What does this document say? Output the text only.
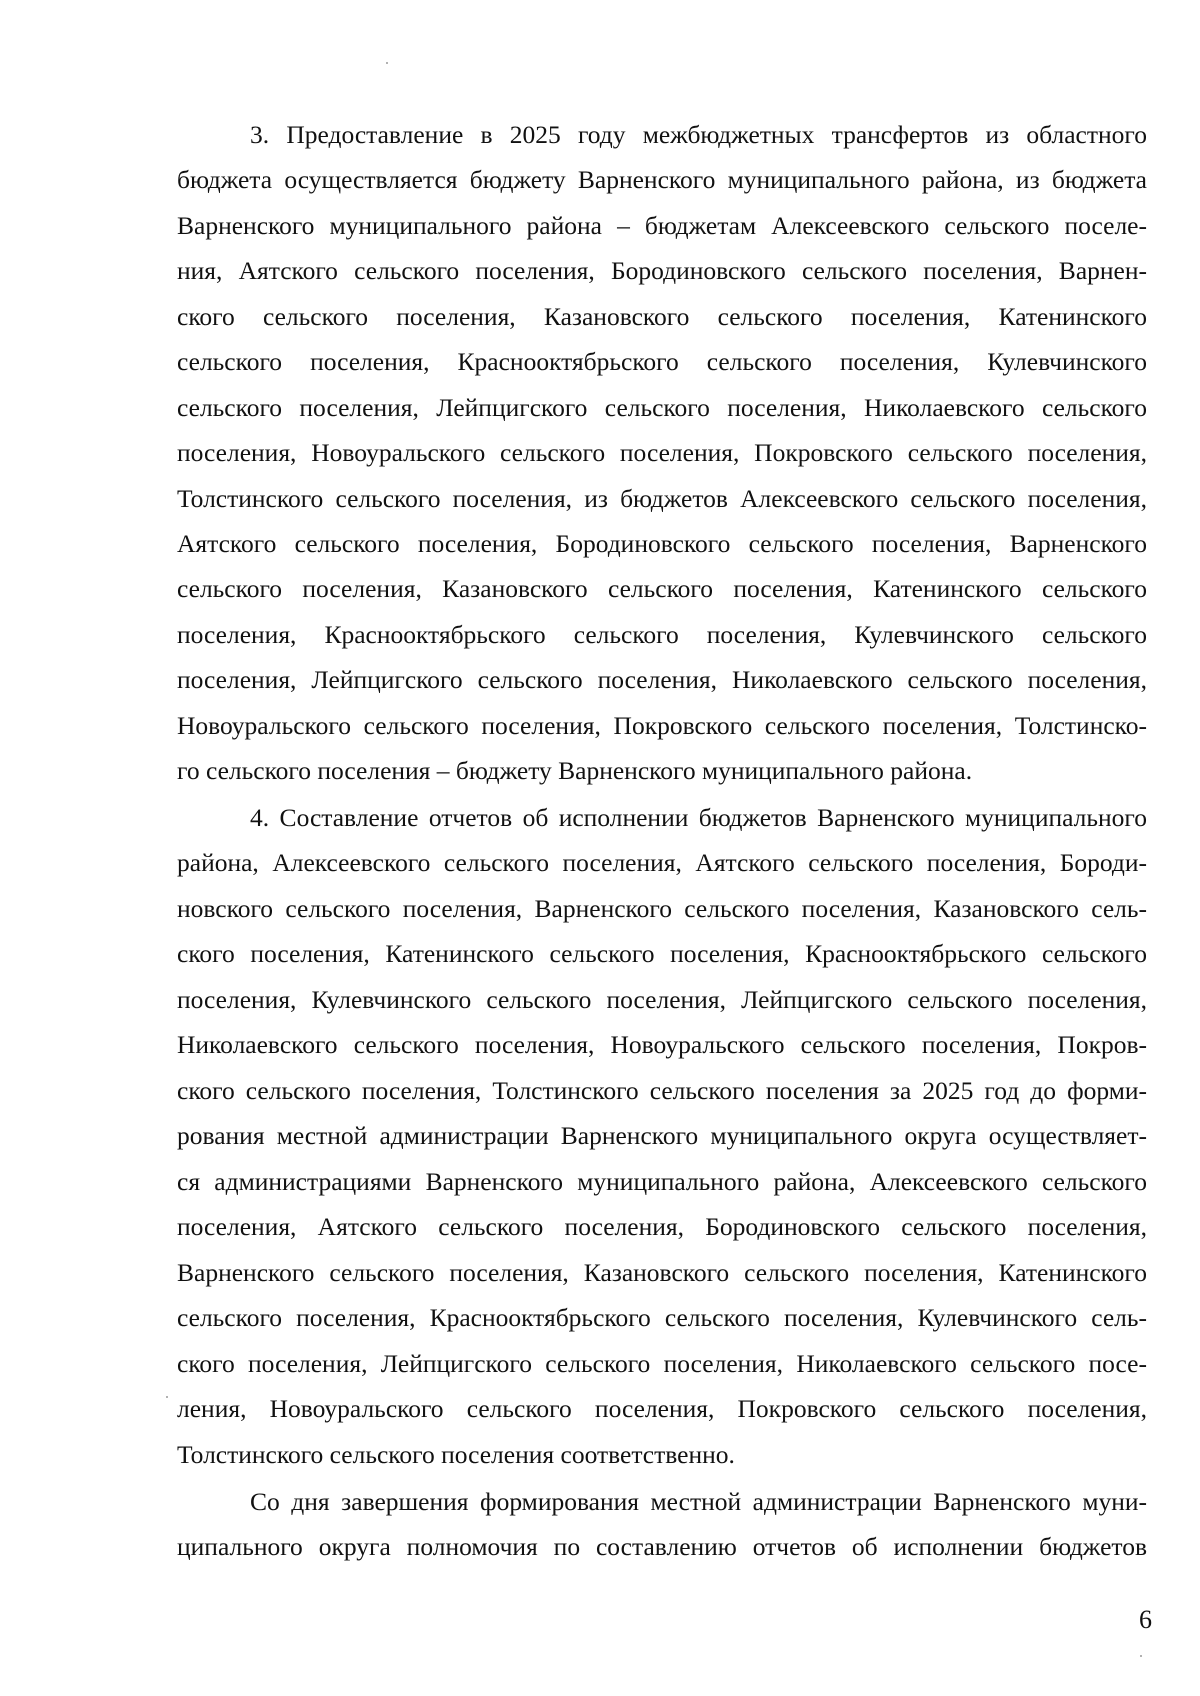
3. Предоставление в 2025 году межбюджетных трансфертов из областного
бюджета осуществляется бюджету Варненского муниципального района, из бюджета
Варненского муниципального района – бюджетам Алексеевского сельского поселе-
ния, Аятского сельского поселения, Бородиновского сельского поселения, Варнен-
ского сельского поселения, Казановского сельского поселения, Катенинского
сельского поселения, Краснооктябрьского сельского поселения, Кулевчинского
сельского поселения, Лейпцигского сельского поселения, Николаевского сельского
поселения, Новоуральского сельского поселения, Покровского сельского поселения,
Толстинского сельского поселения, из бюджетов Алексеевского сельского поселения,
Аятского сельского поселения, Бородиновского сельского поселения, Варненского
сельского поселения, Казановского сельского поселения, Катенинского сельского
поселения, Краснооктябрьского сельского поселения, Кулевчинского сельского
поселения, Лейпцигского сельского поселения, Николаевского сельского поселения,
Новоуральского сельского поселения, Покровского сельского поселения, Толстинско-
го сельского поселения – бюджету Варненского муниципального района.
4. Составление отчетов об исполнении бюджетов Варненского муниципального
района, Алексеевского сельского поселения, Аятского сельского поселения, Бороди-
новского сельского поселения, Варненского сельского поселения, Казановского сель-
ского поселения, Катенинского сельского поселения, Краснооктябрьского сельского
поселения, Кулевчинского сельского поселения, Лейпцигского сельского поселения,
Николаевского сельского поселения, Новоуральского сельского поселения, Покров-
ского сельского поселения, Толстинского сельского поселения за 2025 год до форми-
рования местной администрации Варненского муниципального округа осуществляет-
ся администрациями Варненского муниципального района, Алексеевского сельского
поселения, Аятского сельского поселения, Бородиновского сельского поселения,
Варненского сельского поселения, Казановского сельского поселения, Катенинского
сельского поселения, Краснооктябрьского сельского поселения, Кулевчинского сель-
ского поселения, Лейпцигского сельского поселения, Николаевского сельского посе-
ления, Новоуральского сельского поселения, Покровского сельского поселения,
Толстинского сельского поселения соответственно.
Со дня завершения формирования местной администрации Варненского муни-
ципального округа полномочия по составлению отчетов об исполнении бюджетов
6
